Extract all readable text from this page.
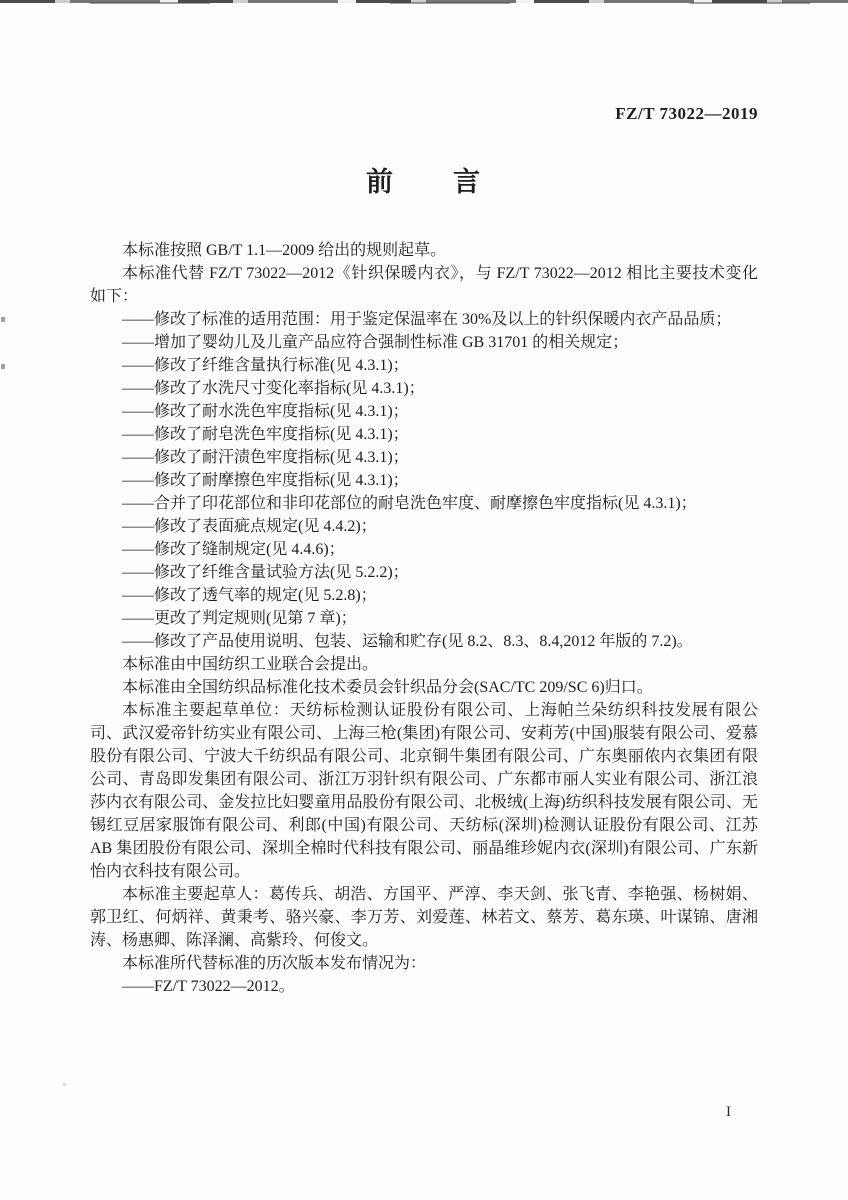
FZ/T 73022—2019
前　　言

本标准按照 GB/T 1.1—2009 给出的规则起草。

本标准代替 FZ/T 73022—2012《针织保暖内衣》，与 FZ/T 73022—2012 相比主要技术变化如下：

——修改了标准的适用范围：用于鉴定保温率在 30%及以上的针织保暖内衣产品品质；

——增加了婴幼儿及儿童产品应符合强制性标准 GB 31701 的相关规定；

——修改了纤维含量执行标准(见 4.3.1)；

——修改了水洗尺寸变化率指标(见 4.3.1)；

——修改了耐水洗色牢度指标(见 4.3.1)；

——修改了耐皂洗色牢度指标(见 4.3.1)；

——修改了耐汗渍色牢度指标(见 4.3.1)；

——修改了耐摩擦色牢度指标(见 4.3.1)；

——合并了印花部位和非印花部位的耐皂洗色牢度、耐摩擦色牢度指标(见 4.3.1)；

——修改了表面疵点规定(见 4.4.2)；

——修改了缝制规定(见 4.4.6)；

——修改了纤维含量试验方法(见 5.2.2)；

——修改了透气率的规定(见 5.2.8)；

——更改了判定规则(见第 7 章)；

——修改了产品使用说明、包装、运输和贮存(见 8.2、8.3、8.4,2012 年版的 7.2)。

本标准由中国纺织工业联合会提出。

本标准由全国纺织品标准化技术委员会针织品分会(SAC/TC 209/SC 6)归口。

本标准主要起草单位：天纺标检测认证股份有限公司、上海帕兰朵纺织科技发展有限公司、武汉爱帝针纺实业有限公司、上海三枪(集团)有限公司、安莉芳(中国)服装有限公司、爱慕股份有限公司、宁波大千纺织品有限公司、北京铜牛集团有限公司、广东奥丽侬内衣集团有限公司、青岛即发集团有限公司、浙江万羽针织有限公司、广东都市丽人实业有限公司、浙江浪莎内衣有限公司、金发拉比妇婴童用品股份有限公司、北极绒(上海)纺织科技发展有限公司、无锡红豆居家服饰有限公司、利郎(中国)有限公司、天纺标(深圳)检测认证股份有限公司、江苏 AB 集团股份有限公司、深圳全棉时代科技有限公司、丽晶维珍妮内衣(深圳)有限公司、广东新怡内衣科技有限公司。

本标准主要起草人：葛传兵、胡浩、方国平、严淳、李天剑、张飞青、李艳强、杨树娟、郭卫红、何炳祥、黄秉考、骆兴豪、李万芳、刘爱莲、林若文、蔡芳、葛东瑛、叶谋锦、唐湘涛、杨惠卿、陈泽澜、高紫玲、何俊文。

本标准所代替标准的历次版本发布情况为：

——FZ/T 73022—2012。

I
